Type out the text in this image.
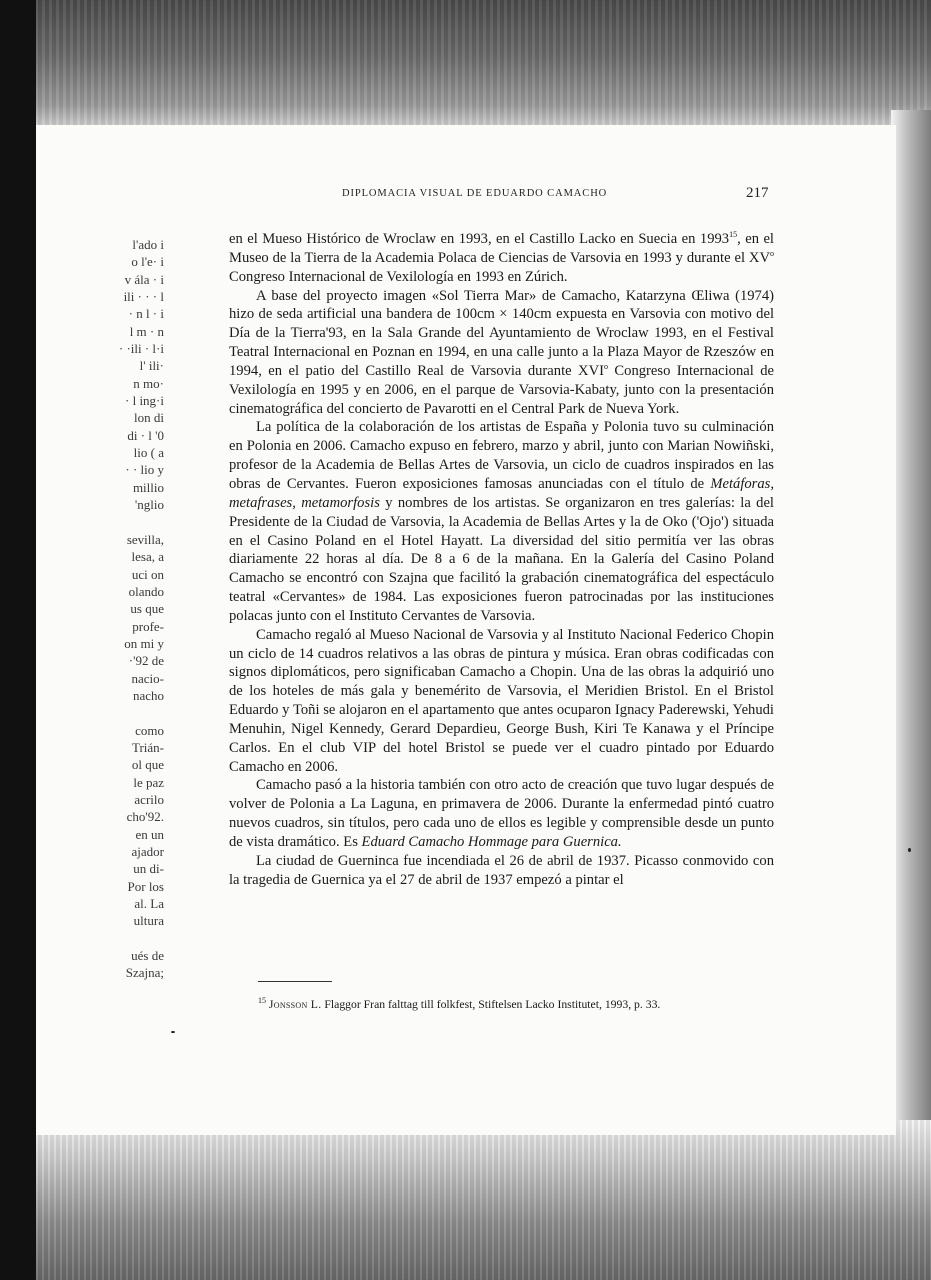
l'ado i
o l'e· i
v ála · i
ili · · · l
· n l · i
l m · n
· ·ili · l·i
l' ili·
n mo·
· l ing·i
lon di
di · l '0
lio ( a
· · lio y
millio
'nglio
sevilla,
lesa, a
uci on
olando
us que
profe-
on mi y
·'92 de
nacio-
nacho
como
Trián-
ol que
le paz
acrilo
cho'92.
en un
ajador
un di-
Por los
al. La
ultura
ués de
Szajna;
DIPLOMACIA VISUAL DE EDUARDO CAMACHO	217

en el Mueso Histórico de Wroclaw en 1993, en el Castillo Lacko en Suecia en 1993$^{15}$, en el Museo de la Tierra de la Academia Polaca de Ciencias de Varsovia en 1993 y durante el $XV^o$ Congreso Internacional de Vexilología en 1993 en Zúrich.

A base del proyecto imagen «Sol Tierra Mar» de Camacho, Katarzyna Œliwa (1974) hizo de seda artificial una bandera de 100cm × 140cm expuesta en Varsovia con motivo del Día de la Tierra'93, en la Sala Grande del Ayuntamiento de Wroclaw 1993, en el Festival Teatral Internacional en Poznan en 1994, en una calle junto a la Plaza Mayor de Rzeszów en 1994, en el patio del Castillo Real de Varsovia durante XVI$^o$ Congreso Internacional de Vexilología en 1995 y en 2006, en el parque de Varsovia-Kabaty, junto con la presentación cinematográfica del concierto de Pavarotti en el Central Park de Nueva York.

La política de la colaboración de los artistas de España y Polonia tuvo su culminación en Polonia en 2006. Camacho expuso en febrero, marzo y abril, junto con Marian Nowiñski, profesor de la Academia de Bellas Artes de Varsovia, un ciclo de cuadros inspirados en las obras de Cervantes. Fueron exposiciones famosas anunciadas con el título de Metáforas, metafrases, metamorfosis y nombres de los artistas. Se organizaron en tres galerías: la del Presidente de la Ciudad de Varsovia, la Academia de Bellas Artes y la de Oko ('Ojo') situada en el Casino Poland en el Hotel Hayatt. La diversidad del sitio permitía ver las obras diariamente 22 horas al día. De 8 a 6 de la mañana. En la Galería del Casino Poland Camacho se encontró con Szajna que facilitó la grabación cinematográfica del espectáculo teatral «Cervantes» de 1984. Las exposiciones fueron patrocinadas por las instituciones polacas junto con el Instituto Cervantes de Varsovia.

Camacho regaló al Mueso Nacional de Varsovia y al Instituto Nacional Federico Chopin un ciclo de 14 cuadros relativos a las obras de pintura y música. Eran obras codificadas con signos diplomáticos, pero significaban Camacho a Chopin. Una de las obras la adquirió uno de los hoteles de más gala y benemérito de Varsovia, el Meridien Bristol. En el Bristol Eduardo y Toñi se alojaron en el apartamento que antes ocuparon Ignacy Paderewski, Yehudi Menuhin, Nigel Kennedy, Gerard Depardieu, George Bush, Kiri Te Kanawa y el Príncipe Carlos. En el club VIP del hotel Bristol se puede ver el cuadro pintado por Eduardo Camacho en 2006.

Camacho pasó a la historia también con otro acto de creación que tuvo lugar después de volver de Polonia a La Laguna, en primavera de 2006. Durante la enfermedad pintó cuatro nuevos cuadros, sin títulos, pero cada uno de ellos es legible y comprensible desde un punto de vista dramático. Es Eduard Camacho Hommage para Guernica.

La ciudad de Guerninca fue incendiada el 26 de abril de 1937. Picasso conmovido con la tragedia de Guernica ya el 27 de abril de 1937 empezó a pintar el

$^{15}$ Jonsson L. Flaggor Fran falttag till folkfest, Stiftelsen Lacko Institutet, 1993, p. 33.
